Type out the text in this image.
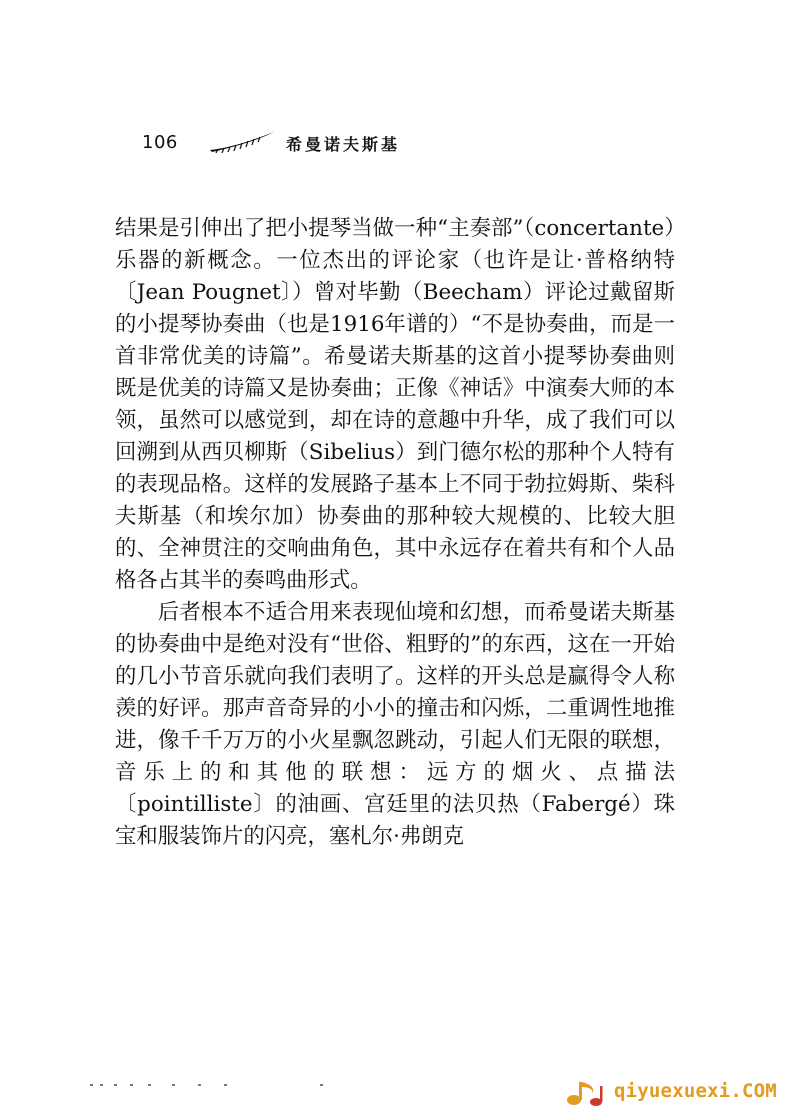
106	希曼诺夫斯基

结果是引伸出了把小提琴当做一种“主奏部”（concertante）乐器的新概念。一位杰出的评论家（也许是让·普格纳特〔Jean Pougnet〕）曾对毕勤（Beecham）评论过戴留斯的小提琴协奏曲（也是1916年谱的）“不是协奏曲，而是一首非常优美的诗篇”。希曼诺夫斯基的这首小提琴协奏曲则既是优美的诗篇又是协奏曲；正像《神话》中演奏大师的本领，虽然可以感觉到，却在诗的意趣中升华，成了我们可以回溯到从西贝柳斯（Sibelius）到门德尔松的那种个人特有的表现品格。这样的发展路子基本上不同于勃拉姆斯、柴科夫斯基（和埃尔加）协奏曲的那种较大规模的、比较大胆的、全神贯注的交响曲角色，其中永远存在着共有和个人品格各占其半的奏鸣曲形式。

后者根本不适合用来表现仙境和幻想，而希曼诺夫斯基的协奏曲中是绝对没有“世俗、粗野的”的东西，这在一开始的几小节音乐就向我们表明了。这样的开头总是赢得令人称羡的好评。那声音奇异的小小的撞击和闪烁，二重调性地推进，像千千万万的小火星飘忽跳动，引起人们无限的联想，音乐上的和其他的联想：远方的烟火、点描法〔pointilliste〕的油画、宫廷里的法贝热（Fabergé）珠宝和服装饰片的闪亮，塞札尔·弗朗克

qiyuexuexi.COM
